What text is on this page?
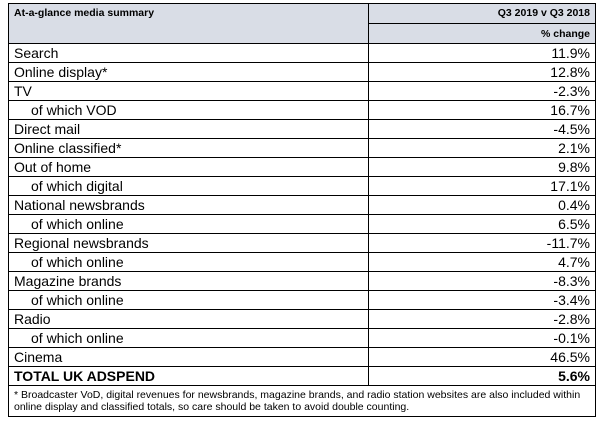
At-a-glance media summary	Q3 2019 v Q3 2018
	% change
Search	11.9%
Online display*	12.8%
TV	-2.3%
of which VOD	16.7%
Direct mail	-4.5%
Online classified*	2.1%
Out of home	9.8%
of which digital	17.1%
National newsbrands	0.4%
of which online	6.5%
Regional newsbrands	-11.7%
of which online	4.7%
Magazine brands	-8.3%
of which online	-3.4%
Radio	-2.8%
of which online	-0.1%
Cinema	46.5%
TOTAL UK ADSPEND	5.6%
* Broadcaster VoD, digital revenues for newsbrands, magazine brands, and radio station websites are also included within online display and classified totals, so care should be taken to avoid double counting.	
